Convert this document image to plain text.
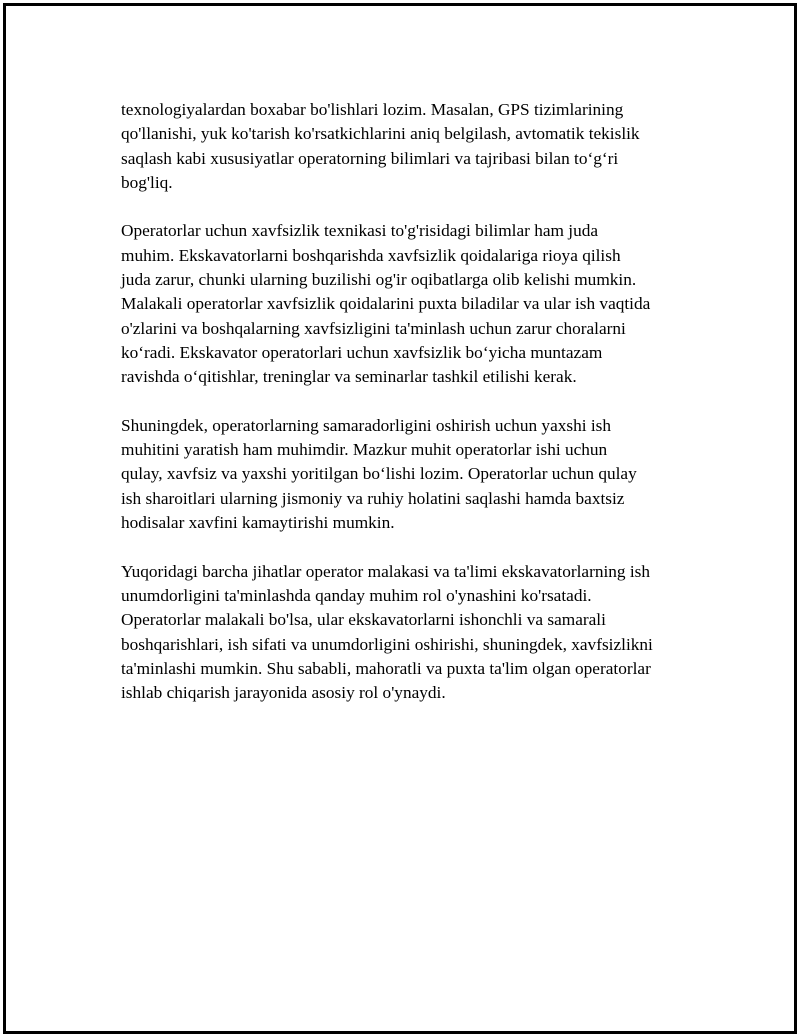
texnologiyalardan boxabar bo'lishlari lozim. Masalan, GPS tizimlarining
qo'llanishi, yuk ko'tarish ko'rsatkichlarini aniq belgilash, avtomatik tekislik
saqlash kabi xususiyatlar operatorning bilimlari va tajribasi bilan to‘g‘ri
bog'liq.

Operatorlar uchun xavfsizlik texnikasi to'g'risidagi bilimlar ham juda
muhim. Ekskavatorlarni boshqarishda xavfsizlik qoidalariga rioya qilish
juda zarur, chunki ularning buzilishi og'ir oqibatlarga olib kelishi mumkin.
Malakali operatorlar xavfsizlik qoidalarini puxta biladilar va ular ish vaqtida
o'zlarini va boshqalarning xavfsizligini ta'minlash uchun zarur choralarni
ko‘radi. Ekskavator operatorlari uchun xavfsizlik bo‘yicha muntazam
ravishda o‘qitishlar, treninglar va seminarlar tashkil etilishi kerak.

Shuningdek, operatorlarning samaradorligini oshirish uchun yaxshi ish
muhitini yaratish ham muhimdir. Mazkur muhit operatorlar ishi uchun
qulay, xavfsiz va yaxshi yoritilgan bo‘lishi lozim. Operatorlar uchun qulay
ish sharoitlari ularning jismoniy va ruhiy holatini saqlashi hamda baxtsiz
hodisalar xavfini kamaytirishi mumkin.

Yuqoridagi barcha jihatlar operator malakasi va ta'limi ekskavatorlarning ish
unumdorligini ta'minlashda qanday muhim rol o'ynashini ko'rsatadi.
Operatorlar malakali bo'lsa, ular ekskavatorlarni ishonchli va samarali
boshqarishlari, ish sifati va unumdorligini oshirishi, shuningdek, xavfsizlikni
ta'minlashi mumkin. Shu sababli, mahoratli va puxta ta'lim olgan operatorlar
ishlab chiqarish jarayonida asosiy rol o'ynaydi.
